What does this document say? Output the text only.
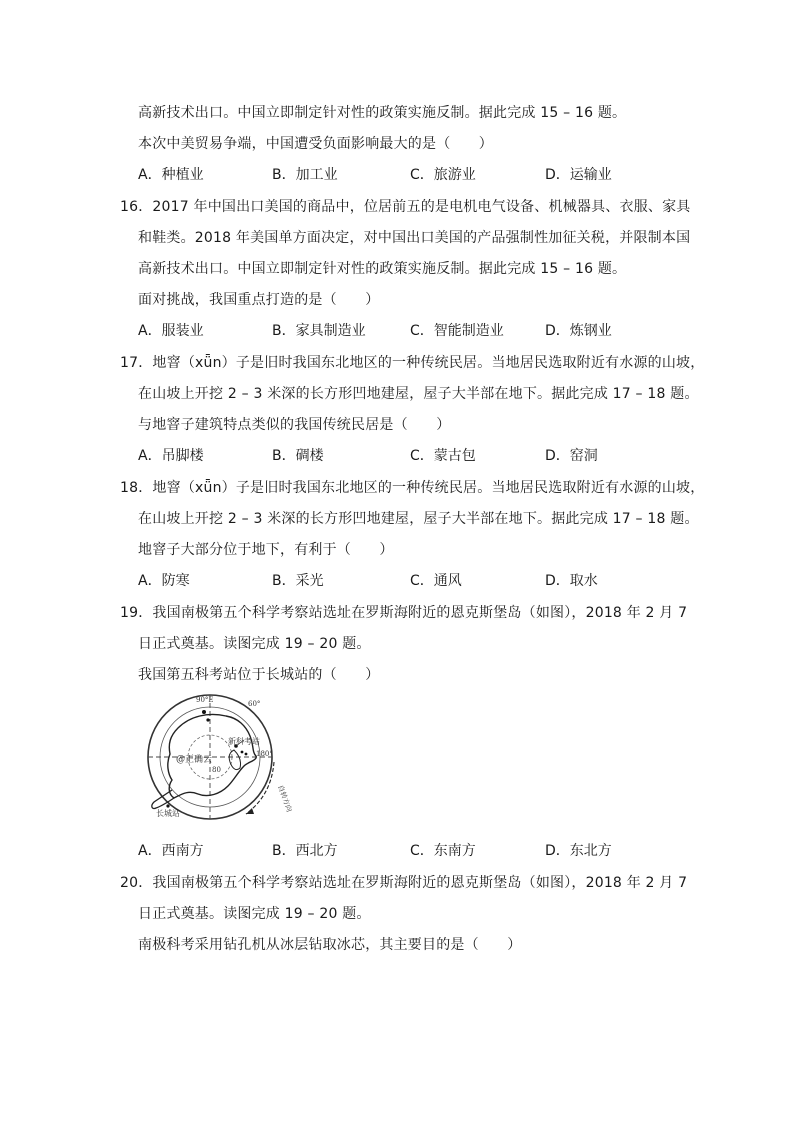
高新技术出口。中国立即制定针对性的政策实施反制。据此完成 15 – 16 题。
本次中美贸易争端，中国遭受负面影响最大的是（　　）
A．种植业	B．加工业	C．旅游业	D．运输业
16．2017 年中国出口美国的商品中，位居前五的是电机电气设备、机械器具、衣服、家具
和鞋类。2018 年美国单方面决定，对中国出口美国的产品强制性加征关税，并限制本国
高新技术出口。中国立即制定针对性的政策实施反制。据此完成 15 – 16 题。
面对挑战，我国重点打造的是（　　）
A．服装业	B．家具制造业	C．智能制造业	D．炼钢业
17．地窨（xǖn）子是旧时我国东北地区的一种传统民居。当地居民选取附近有水源的山坡，
在山坡上开挖 2 – 3 米深的长方形凹地建屋，屋子大半部在地下。据此完成 17 – 18 题。
与地窨子建筑特点类似的我国传统民居是（　　）
A．吊脚楼	B．碉楼	C．蒙古包	D．窑洞
18．地窨（xǖn）子是旧时我国东北地区的一种传统民居。当地居民选取附近有水源的山坡，
在山坡上开挖 2 – 3 米深的长方形凹地建屋，屋子大半部在地下。据此完成 17 – 18 题。
地窨子大部分位于地下，有利于（　　）
A．防寒	B．采光	C．通风	D．取水
19．我国南极第五个科学考察站选址在罗斯海附近的恩克斯堡岛（如图），2018 年 2 月 7
日正式奠基。读图完成 19 – 20 题。
我国第五科考站位于长城站的（　　）
90°E	60°
新科考站
180°
80
长城站
@正确云
自转方向
A．西南方	B．西北方	C．东南方	D．东北方
20．我国南极第五个科学考察站选址在罗斯海附近的恩克斯堡岛（如图），2018 年 2 月 7
日正式奠基。读图完成 19 – 20 题。
南极科考采用钻孔机从冰层钻取冰芯，其主要目的是（　　）
